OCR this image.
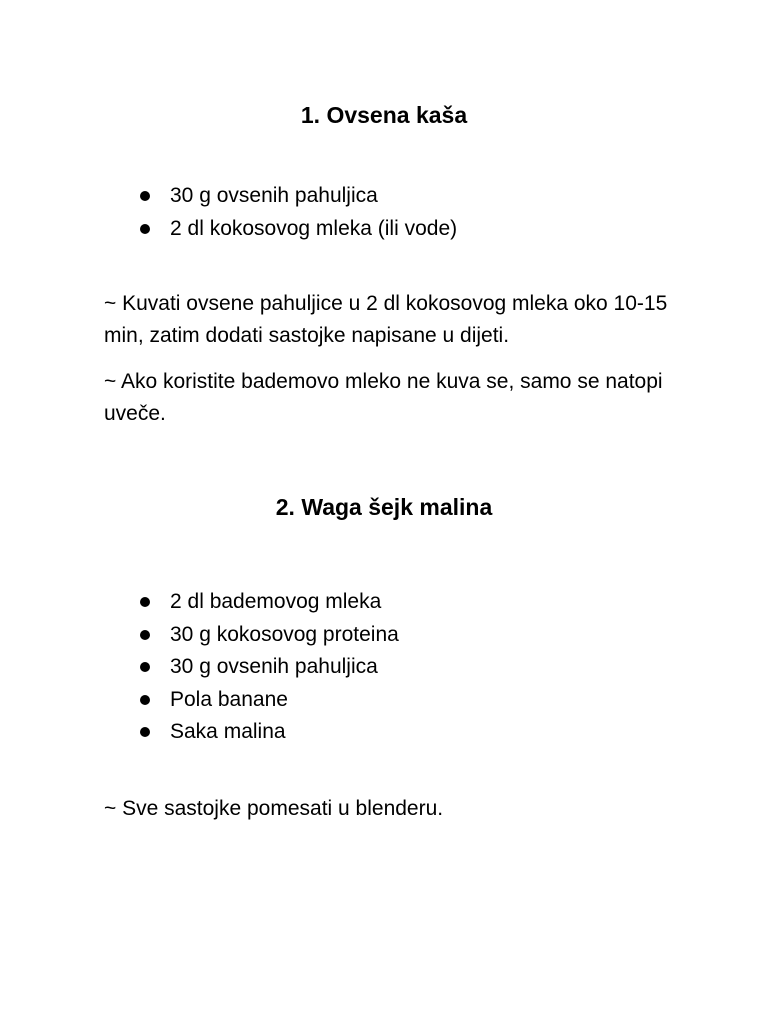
1. Ovsena kaša
30 g ovsenih pahuljica
2 dl kokosovog mleka (ili vode)

~ Kuvati ovsene pahuljice u 2 dl kokosovog mleka oko 10-15 min, zatim dodati sastojke napisane u dijeti.

~ Ako koristite bademovo mleko ne kuva se, samo se natopi uveče.

2. Waga šejk malina
2 dl bademovog mleka
30 g kokosovog proteina
30 g ovsenih pahuljica
Pola banane
Saka malina

~ Sve sastojke pomesati u blenderu.
